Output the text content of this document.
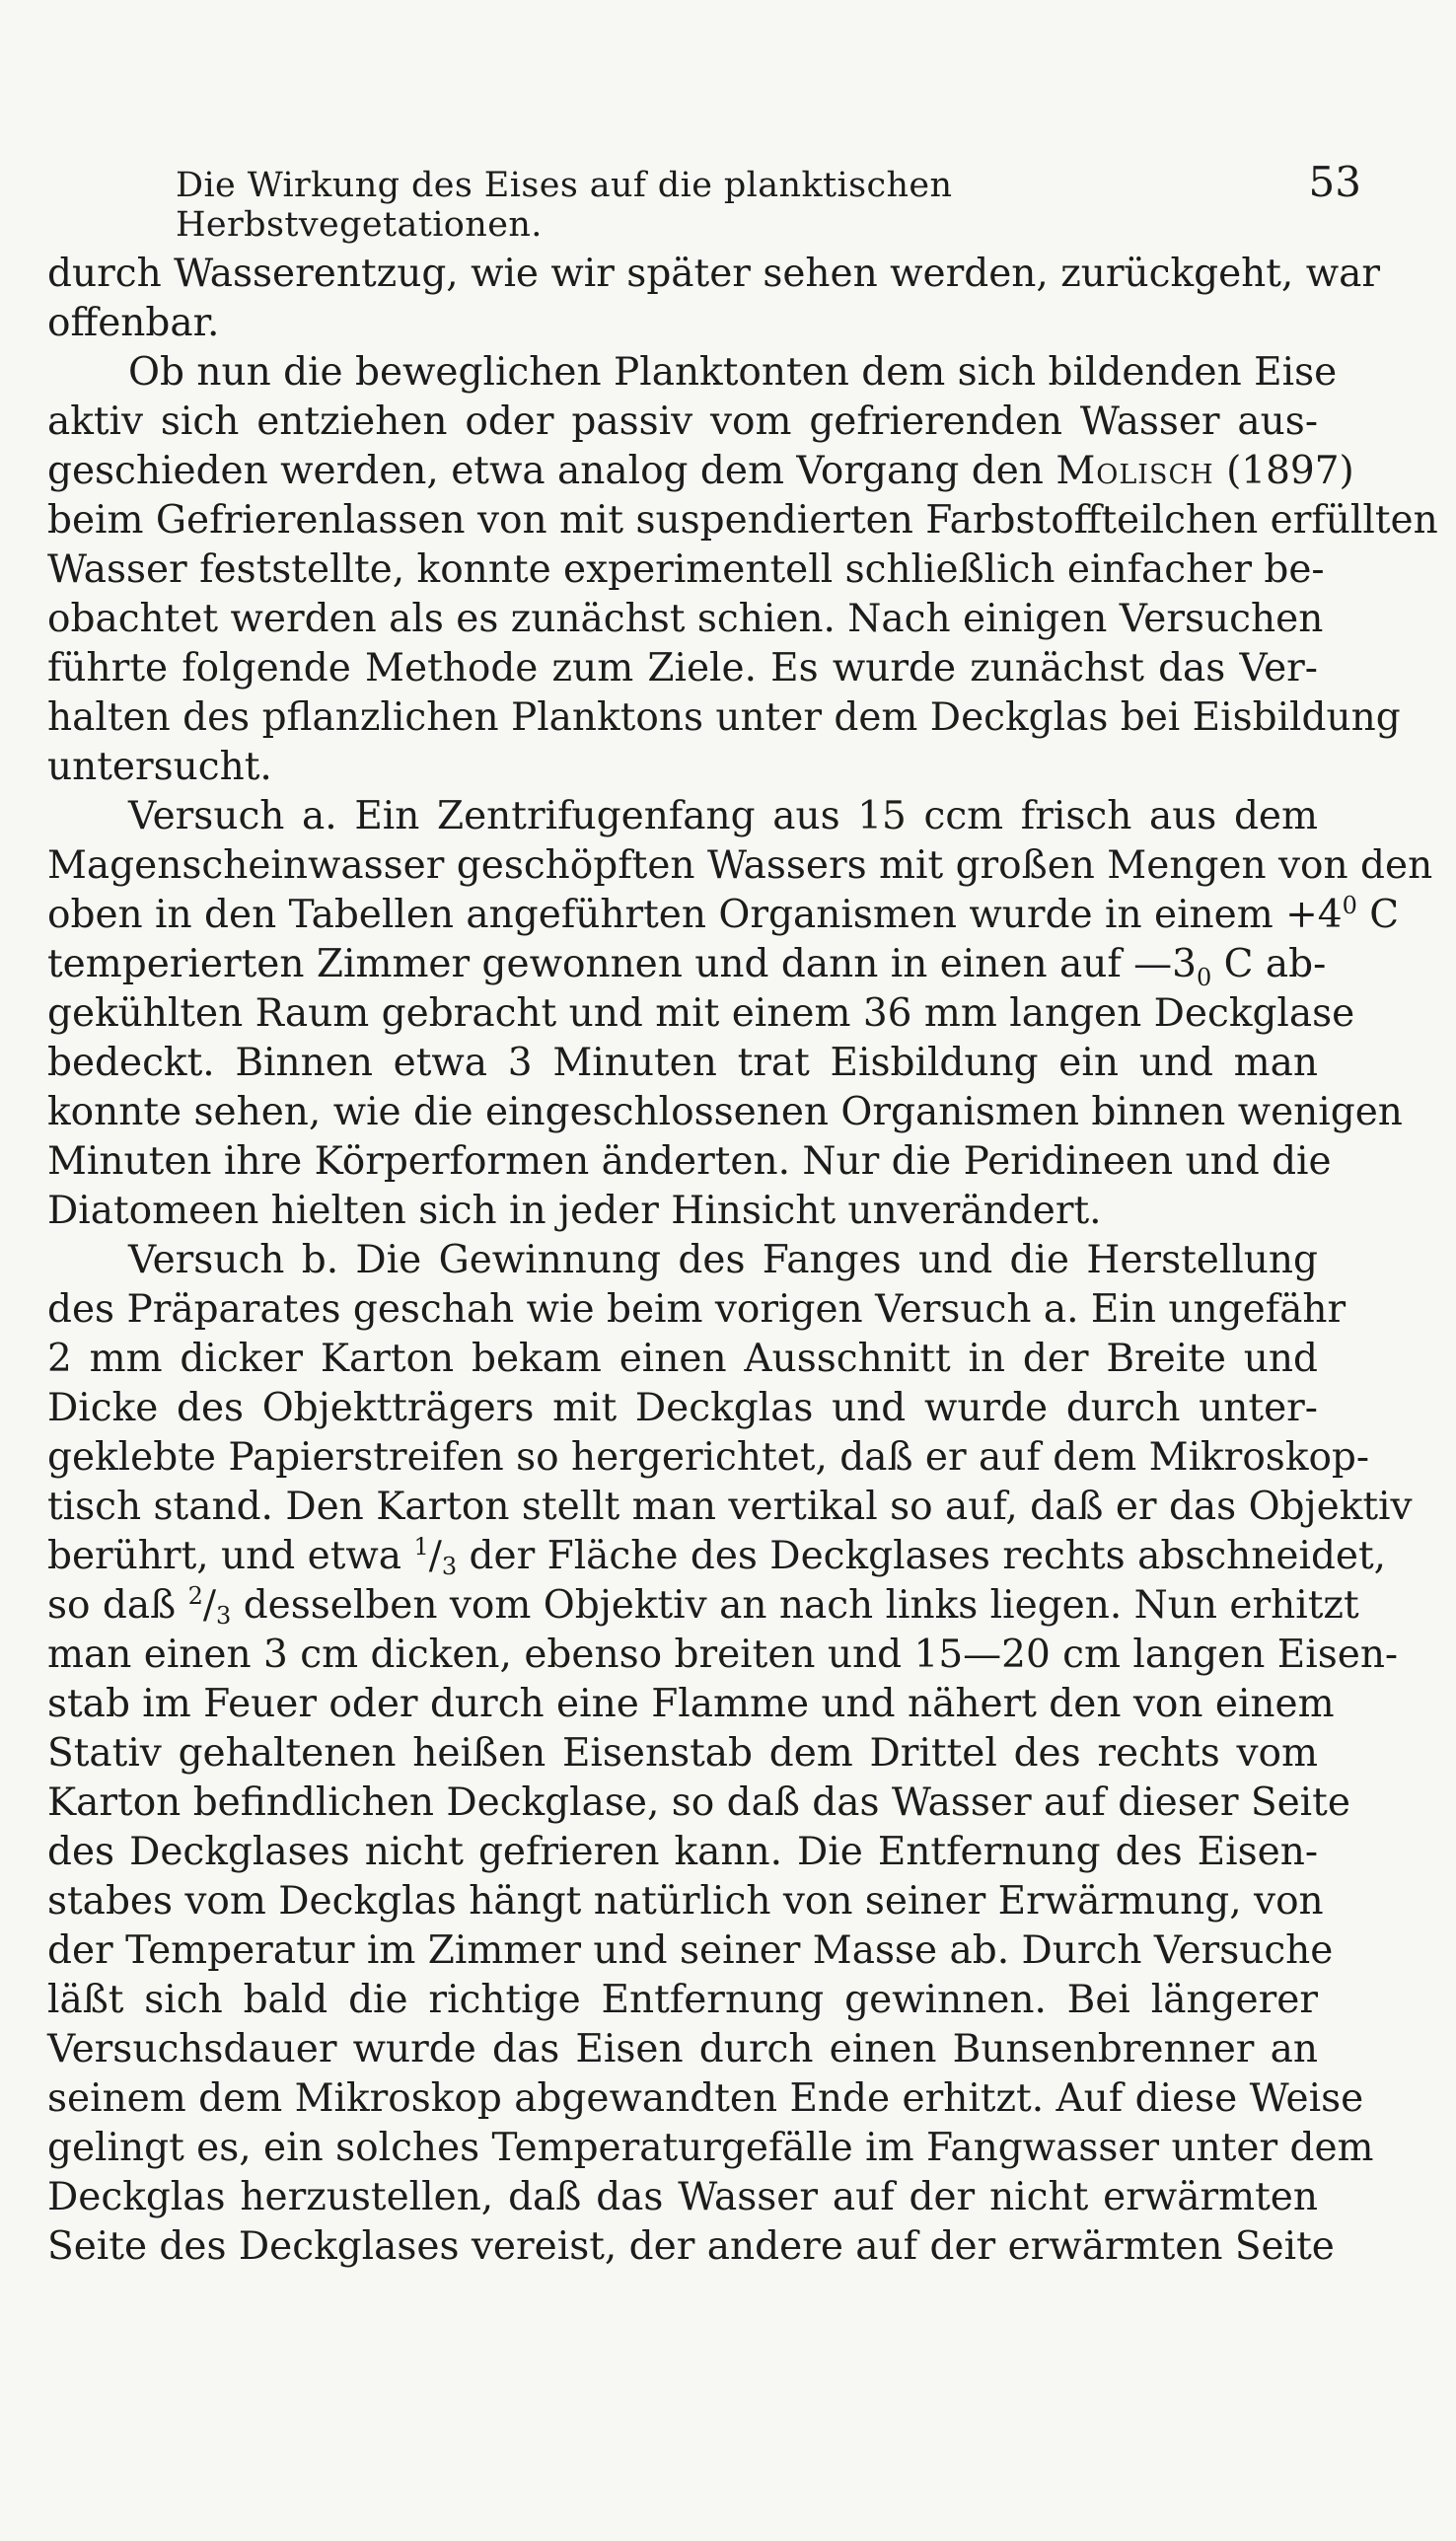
Die Wirkung des Eises auf die planktischen Herbstvegetationen.
53
durch Wasserentzug, wie wir später sehen werden, zurückgeht, war
offenbar.
Ob nun die beweglichen Planktonten dem sich bildenden Eise
aktiv sich entziehen oder passiv vom gefrierenden Wasser aus-
geschieden werden, etwa analog dem Vorgang den Molisch (1897)
beim Gefrierenlassen von mit suspendierten Farbstoffteilchen erfüllten
Wasser feststellte, konnte experimentell schließlich einfacher be-
obachtet werden als es zunächst schien. Nach einigen Versuchen
führte folgende Methode zum Ziele. Es wurde zunächst das Ver-
halten des pflanzlichen Planktons unter dem Deckglas bei Eisbildung
untersucht.
Versuch a. Ein Zentrifugenfang aus 15 ccm frisch aus dem
Magenscheinwasser geschöpften Wassers mit großen Mengen von den
oben in den Tabellen angeführten Organismen wurde in einem $+4^0$ C
temperierten Zimmer gewonnen und dann in einen auf $—3_0$ C ab-
gekühlten Raum gebracht und mit einem 36 mm langen Deckglase
bedeckt. Binnen etwa 3 Minuten trat Eisbildung ein und man
konnte sehen, wie die eingeschlossenen Organismen binnen wenigen
Minuten ihre Körperformen änderten. Nur die Peridineen und die
Diatomeen hielten sich in jeder Hinsicht unverändert.
Versuch b. Die Gewinnung des Fanges und die Herstellung
des Präparates geschah wie beim vorigen Versuch a. Ein ungefähr
2 mm dicker Karton bekam einen Ausschnitt in der Breite und
Dicke des Objektträgers mit Deckglas und wurde durch unter-
geklebte Papierstreifen so hergerichtet, daß er auf dem Mikroskop-
tisch stand. Den Karton stellt man vertikal so auf, daß er das Objektiv
berührt, und etwa $^1/_3$ der Fläche des Deckglases rechts abschneidet,
so daß $^2/_3$ desselben vom Objektiv an nach links liegen. Nun erhitzt
man einen 3 cm dicken, ebenso breiten und 15—20 cm langen Eisen-
stab im Feuer oder durch eine Flamme und nähert den von einem
Stativ gehaltenen heißen Eisenstab dem Drittel des rechts vom
Karton befindlichen Deckglase, so daß das Wasser auf dieser Seite
des Deckglases nicht gefrieren kann. Die Entfernung des Eisen-
stabes vom Deckglas hängt natürlich von seiner Erwärmung, von
der Temperatur im Zimmer und seiner Masse ab. Durch Versuche
läßt sich bald die richtige Entfernung gewinnen. Bei längerer
Versuchsdauer wurde das Eisen durch einen Bunsenbrenner an
seinem dem Mikroskop abgewandten Ende erhitzt. Auf diese Weise
gelingt es, ein solches Temperaturgefälle im Fangwasser unter dem
Deckglas herzustellen, daß das Wasser auf der nicht erwärmten
Seite des Deckglases vereist, der andere auf der erwärmten Seite
